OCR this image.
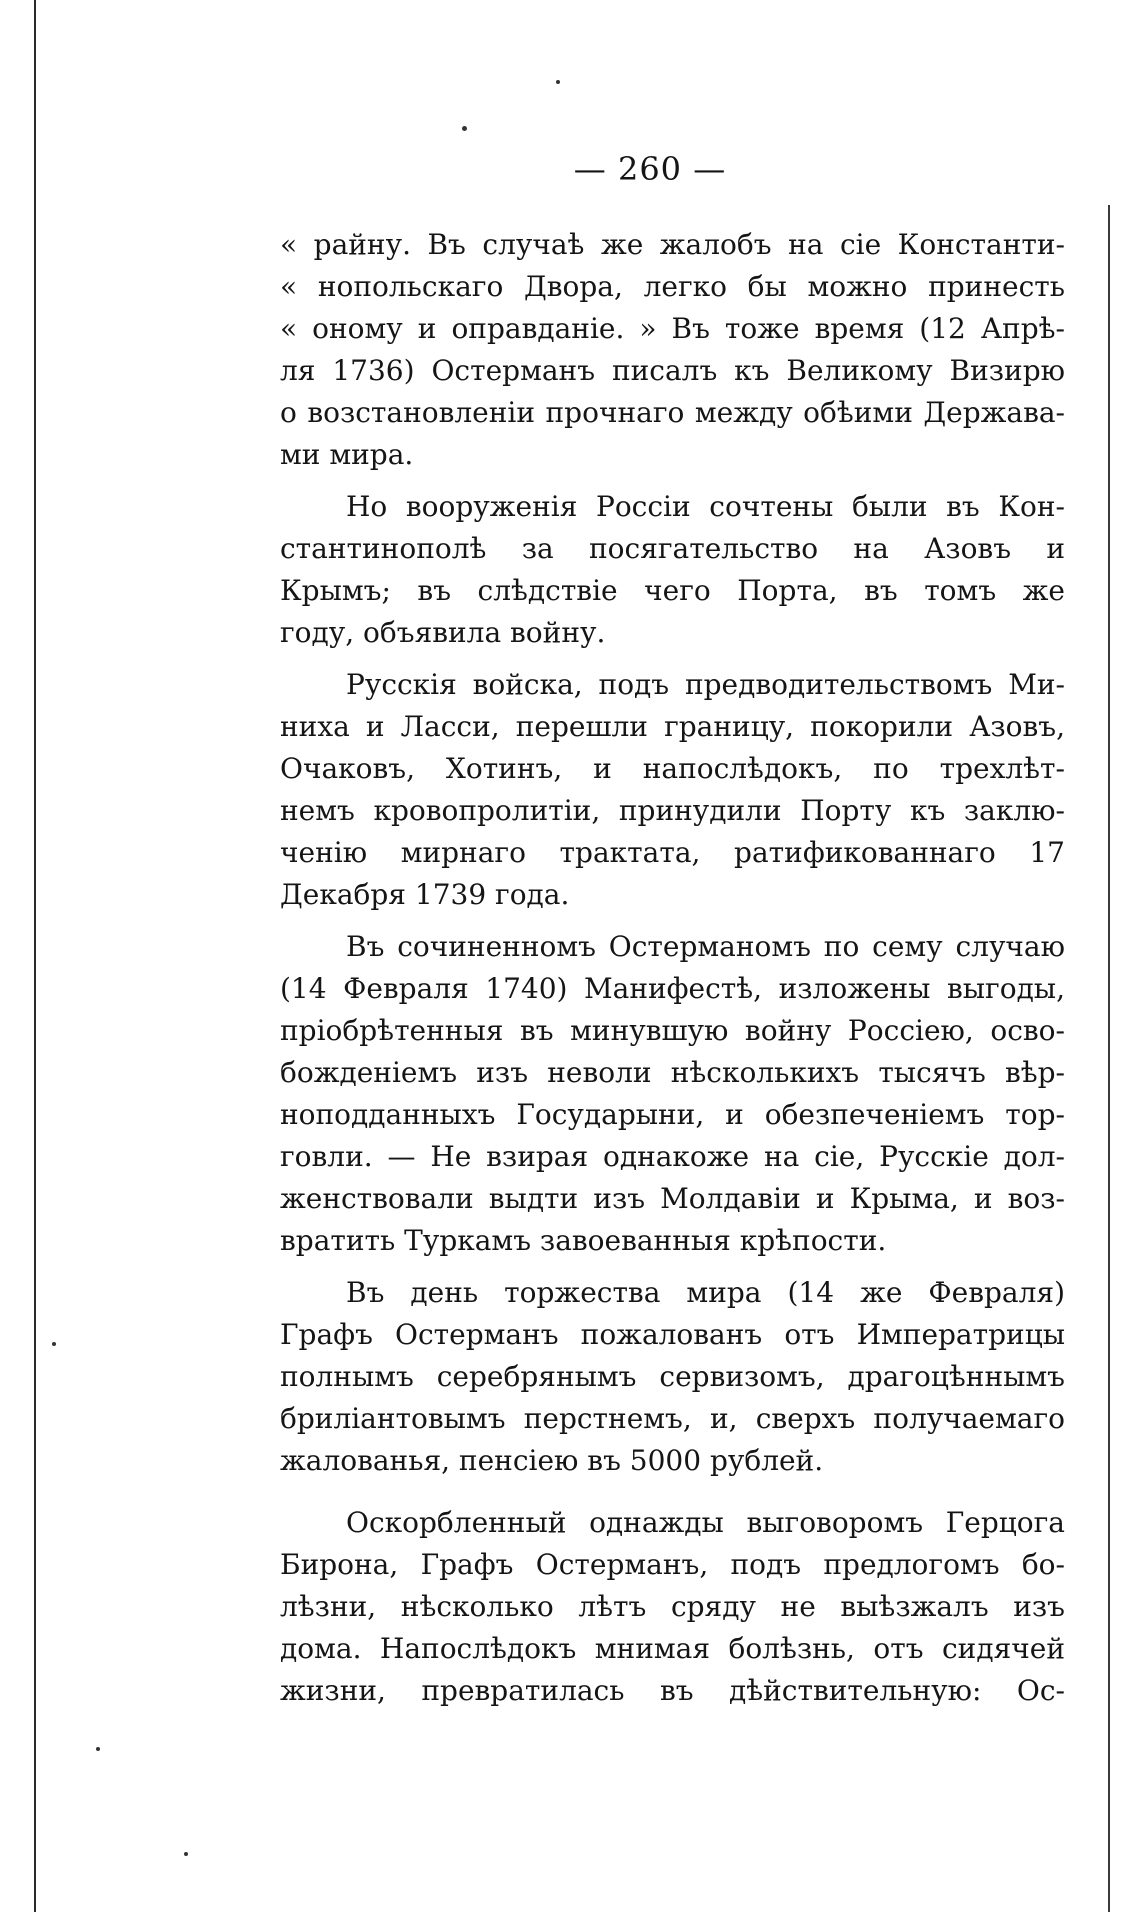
— 260 —
« райну. Въ случаѣ же жалобъ на сіе Константи-
« нопольскаго Двора, легко бы можно принесть
« оному и оправданіе. » Въ тоже время (12 Апрѣ-
ля 1736) Остерманъ писалъ къ Великому Визирю
о возстановленіи прочнаго между обѣими Держава-
ми мира.
Но вооруженія Россіи сочтены были въ Кон-
стантинополѣ за посягательство на Азовъ и
Крымъ; въ слѣдствіе чего Порта, въ томъ же
году, объявила войну.
Русскія войска, подъ предводительствомъ Ми-
ниха и Ласси, перешли границу, покорили Азовъ,
Очаковъ, Хотинъ, и напослѣдокъ, по трехлѣт-
немъ кровопролитіи, принудили Порту къ заклю-
ченію мирнаго трактата, ратификованнаго 17
Декабря 1739 года.
Въ сочиненномъ Остерманомъ по сему случаю
(14 Февраля 1740) Манифестѣ, изложены выгоды,
пріобрѣтенныя въ минувшую войну Россіею, осво-
божденіемъ изъ неволи нѣсколькихъ тысячъ вѣр-
ноподданныхъ Государыни, и обезпеченіемъ тор-
говли. — Не взирая однакоже на сіе, Русскіе дол-
женствовали выдти изъ Молдавіи и Крыма, и воз-
вратить Туркамъ завоеванныя крѣпости.
Въ день торжества мира (14 же Февраля)
Графъ Остерманъ пожалованъ отъ Императрицы
полнымъ серебрянымъ сервизомъ, драгоцѣннымъ
бриліантовымъ перстнемъ, и, сверхъ получаемаго
жалованья, пенсіею въ 5000 рублей.
Оскорбленный однажды выговоромъ Герцога
Бирона, Графъ Остерманъ, подъ предлогомъ бо-
лѣзни, нѣсколько лѣтъ сряду не выѣзжалъ изъ
дома. Напослѣдокъ мнимая болѣзнь, отъ сидячей
жизни, превратилась въ дѣйствительную: Ос-
